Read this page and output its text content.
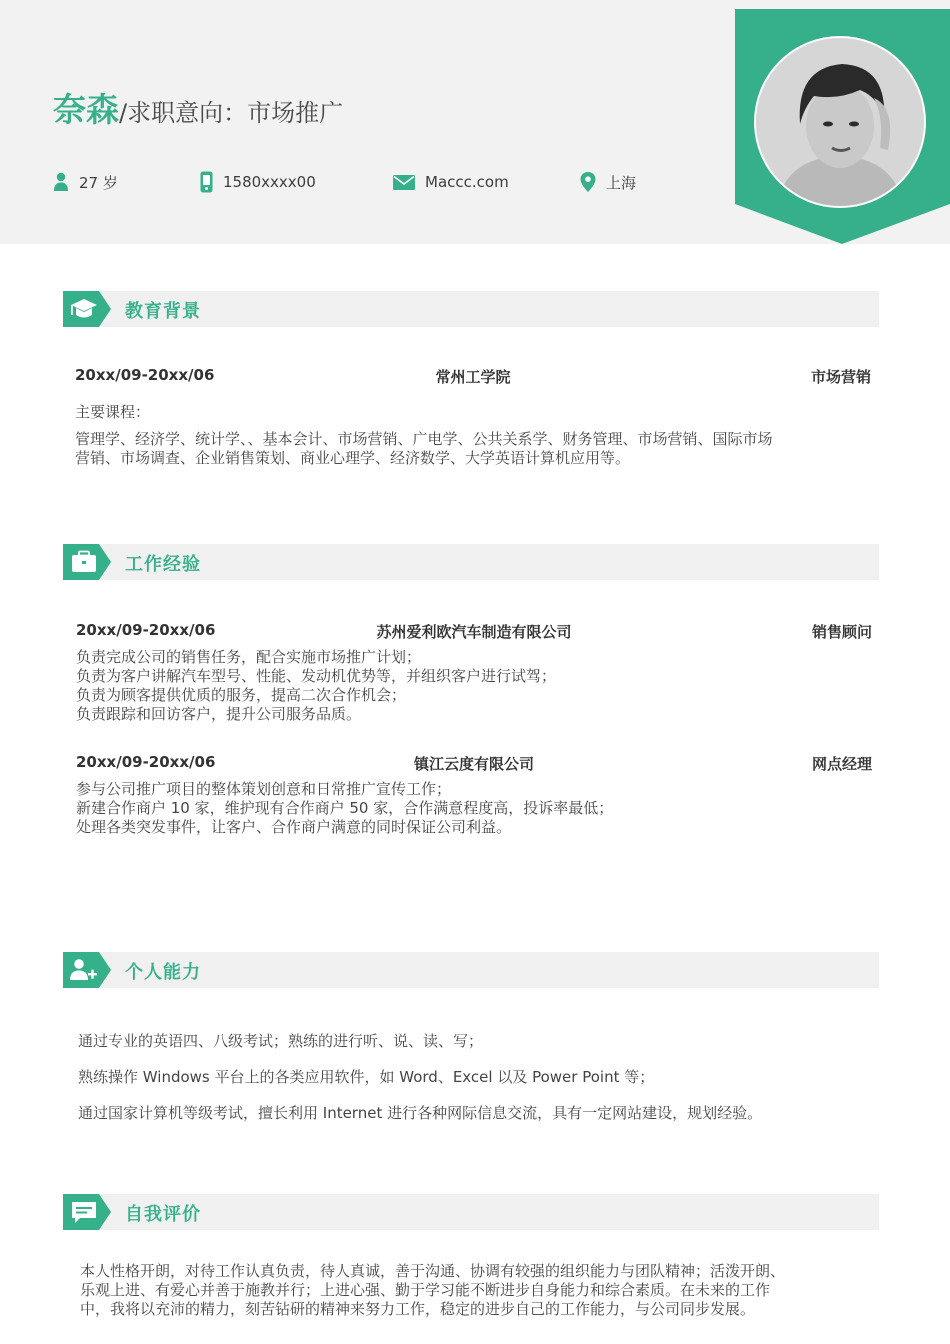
奈森/求职意向：市场推广
27 岁	1580xxxx00	Maccc.com	上海
教育背景
20xx/09-20xx/06	常州工学院	市场营销
主要课程：

管理学、经济学、统计学、、基本会计、市场营销、广电学、公共关系学、财务管理、市场营销、国际市场

营销、市场调查、企业销售策划、商业心理学、经济数学、大学英语计算机应用等。

工作经验
20xx/09-20xx/06	苏州爱利欧汽车制造有限公司	销售顾问

负责完成公司的销售任务，配合实施市场推广计划；

负责为客户讲解汽车型号、性能、发动机优势等，并组织客户进行试驾；

负责为顾客提供优质的服务，提高二次合作机会；

负责跟踪和回访客户，提升公司服务品质。

20xx/09-20xx/06	镇江云度有限公司	网点经理

参与公司推广项目的整体策划创意和日常推广宣传工作；

新建合作商户 10 家，维护现有合作商户 50 家，合作满意程度高，投诉率最低；

处理各类突发事件，让客户、合作商户满意的同时保证公司利益。

个人能力

通过专业的英语四、八级考试；熟练的进行听、说、读、写；

熟练操作 Windows 平台上的各类应用软件，如 Word、Excel 以及 Power Point 等；

通过国家计算机等级考试，擅长利用 Internet 进行各种网际信息交流，具有一定网站建设，规划经验。

自我评价

本人性格开朗，对待工作认真负责，待人真诚，善于沟通、协调有较强的组织能力与团队精神；活泼开朗、

乐观上进、有爱心并善于施教并行；上进心强、勤于学习能不断进步自身能力和综合素质。在未来的工作

中，我将以充沛的精力，刻苦钻研的精神来努力工作，稳定的进步自己的工作能力，与公司同步发展。
